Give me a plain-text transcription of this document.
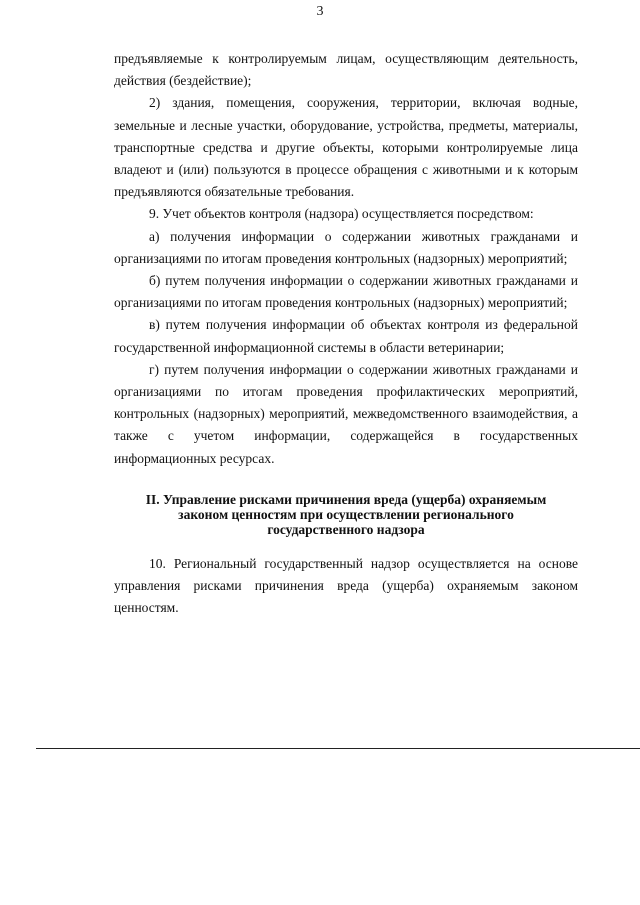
3

предъявляемые к контролируемым лицам, осуществляющим деятельность, действия (бездействие);

2) здания, помещения, сооружения, территории, включая водные, земельные и лесные участки, оборудование, устройства, предметы, материалы, транспортные средства и другие объекты, которыми контролируемые лица владеют и (или) пользуются в процессе обращения с животными и к которым предъявляются обязательные требования.

9. Учет объектов контроля (надзора) осуществляется посредством:

а) получения информации о содержании животных гражданами и организациями по итогам проведения контрольных (надзорных) мероприятий;

б) путем получения информации о содержании животных гражданами и организациями по итогам проведения контрольных (надзорных) мероприятий;

в) путем получения информации об объектах контроля из федеральной государственной информационной системы в области ветеринарии;

г) путем получения информации о содержании животных гражданами и организациями по итогам проведения профилактических мероприятий, контрольных (надзорных) мероприятий, межведомственного взаимодействия, а также с учетом информации, содержащейся в государственных информационных ресурсах.

II. Управление рисками причинения вреда (ущерба) охраняемым
законом ценностям при осуществлении регионального
государственного надзора

10. Региональный государственный надзор осуществляется на основе управления рисками причинения вреда (ущерба) охраняемым законом ценностям.
